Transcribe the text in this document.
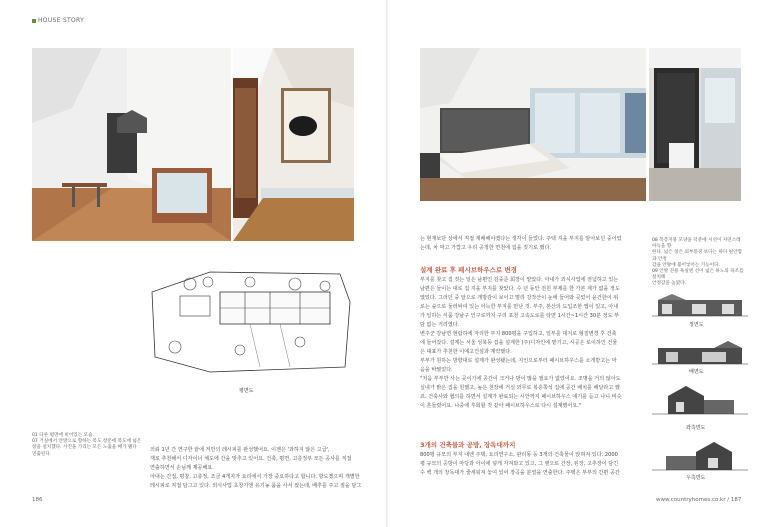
HOUSE STORY
01 다른 평면에 비어있는 모습.
07 거실에서 안방으로 향하는 복도 창문에 복도에 넓은
창을 설치했다. 사진을 가리는 모든 노출을 배가 됐다
연출된다.
평면도
의뢰 1년 간 연구한 끝에 저만의 레시피를 완성했어요. 이젠은 '과하지 않은 고급',
재로 추천해서 디자이너 체도에 간을 맞추고 있어요. 건축, 평면, 고층정부 모든 공사를 직접
연출하면서 손님께 제공해요.
아내는 간접, 평창, 고층정, 조금 4개지가 요리에서 가장 중요하다고 합니다. 항도겠으며 개별한
레시피로 직접 담그고 있다. 외식사업 초창기엔 유기농 품을 사서 썼는데, 배추를 주고 절을 담그
186
는 현재보단 상에서 직접 재배해야겠다는 생각이 들었다. 주택 지을 부지를 알아보던 중이었
는데, 차 막고 가깝고 우리 공정한 면천에 집을 짓기로 했다.
설계 완료 후 패시브하우스로 변경
부지를 찾고 집 짓는 일은 남편인 김중준 회장이 맡았다. 아내가 외식사업에 전념하고 있는
남편은 둘이는 대로 집 지을 부지를 찾았다. 수 년 동안 전원 부제를 한 가본 제가 없을 정도
였었다. 그러던 중 알으로 개방감이 보이고 멀리 강작산이 눈에 들어와 곳었어 윤건한이 위
로는 숲으로 둘러싸여 있는 아늑한 부지를 만난 것. 부주, 본산의 도입조한 앱이 있고, 아내
가 일하는 식품 강남구 인구로까지 구리 포천 고속도로를 타면 1시간~1시간 30분 정도 부
담 없는 거리였다.
변주군 강남면 현람하에 자리한 부지 800평을 구입하고, 일부를 대지로 형질변경 후 건축
에 들어갔다. 설계는 서울 성북동 집을 설계한 (주)디자인에 맡기고, 시공은 로이하인 건물
은 대표가 추천한 이에고건설과 계약했다.
부부가 원하는 방향대로 설계가 완성됐는데, 지인으로부터 패시브하우스를 소개받고는 마
음을 바꿨었다.
"처음 부부만 사는 곳이기에 공간이 크거나 방이 많을 필요가 없었어요. 조명을 거의 않아도
실내가 밝은 집을 원했고, 높은 천장에 거실 외무로 복층쪽석 집에 공간 배치를 해달라고 했
죠. 건축사와 협의를 하면서 설계가 완료되는 시안까지 패시브하우스 얘기를 듣고 나니 비슷
이 흔들렸어요. 나중에 후회할 것 같아 패시브하우스로 다시 설계했어요."
3개의 건축물과 공방, 장독대까지
800평 규모의 부지 내엔 주택, 요리연구소, 관리동 등 3개의 건축물이 앉혀져 있다. 2000
평 규모의 공방이 마당과 아이에 넣게 자져와고 있고, 그 옆으로 간장, 된장, 고추장이 담긴
수 백 개의 장독대가 줄세워져 놓여 있어 장곡을 분열을 연출한다. 주택은 부부의 간편 공간
08 복층지붕 모양을 덕분에 시선이 자연스레 아늑을 향
한다. 넓은 창은 외부풍경 보다는 하다 편안함과 안정
감을 안방에 불어넣어는 기능이다.
09 안방 전용 욕실엔 선이 넓은 하노의 욕조를 설치해
안정감을 높였다.
정면도
배면도
좌측면도
우측면도
www.countryhomes.co.kr / 187
